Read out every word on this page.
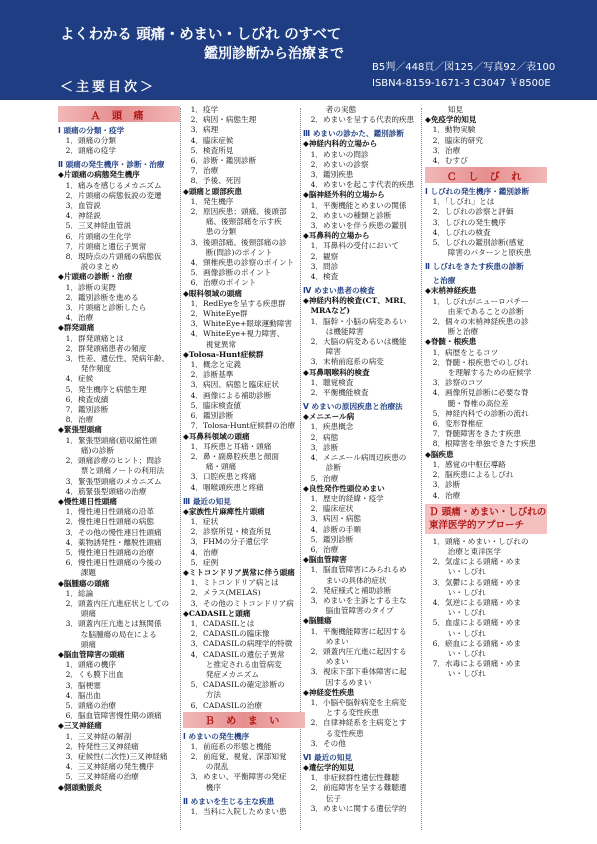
よくわかる 頭痛・めまい・しびれ のすべて
鑑別診断から治療まで
B5判／448頁／図125／写真92／表100
ISBN4-8159-1671-3 C3047 ￥8500E
＜主要目次＞
Ａ 頭 痛
Ⅰ 頭痛の分類・疫学
　1．頭痛の分類
　2．頭痛の疫学
Ⅱ 頭痛の発生機序・診断・治療
◆片頭痛の病態発生機序
　1．痛みを感じるメカニズム
　2．片頭痛の病態仮説の変遷
　3．血管説
　4．神経説
　5．三叉神経血管説
　6．片頭痛の生化学
　7．片頭痛と遺伝子異常
　8．現時点の片頭痛の病態仮
　　　説のまとめ
◆片頭痛の診断・治療
　1．診断の実際
　2．鑑別診断を進める
　3．片頭痛と診断したら
　4．治療
◆群発頭痛
　1．群発頭痛とは
　2．群発頭痛患者の頻度
　3．性差、遺伝性、発病年齢、
　　　発作頻度
　4．症候
　5．発生機序と病態生理
　6．検査成績
　7．鑑別診断
　8．治療
◆緊張型頭痛
　1．緊張型頭痛(筋収縮性頭
　　　痛)の診断
　2．頭痛診療のヒント；問診
　　　票と頭痛ノートの利用法
　3．緊張型頭痛のメカニズム
　4．筋緊張型頭痛の治療
◆慢性連日性頭痛
　1．慢性連日性頭痛の沿革
　2．慢性連日性頭痛の病態
　3．その他の慢性連日性頭痛
　4．薬物誘発性・離脱性頭痛
　5．慢性連日性頭痛の治療
　6．慢性連日性頭痛の今後の
　　　課題
◆脳腫瘍の頭痛
　1．総論
　2．頭蓋内圧亢進症状としての
　　　頭痛
　3．頭蓋内圧亢進とは無関係
　　　な脳腫瘍の局在による
　　　頭痛
◆脳血管障害の頭痛
　1．頭痛の機序
　2．くも膜下出血
　3．脳梗塞
　4．脳出血
　5．頭痛の治療
　6．脳血管障害慢性期の頭痛
◆三叉神経痛
　1．三叉神経の解剖
　2．特発性三叉神経痛
　3．症候性(二次性)三叉神経痛
　4．三叉神経痛の発生機序
　5．三叉神経痛の治療
◆側頭動脈炎
　1．疫学
　2．病因・病態生理
　3．病理
　4．臨床症候
　5．検査所見
　6．診断・鑑別診断
　7．治療
　8．予後、死因
◆頭痛と頭部疾患
　1．発生機序
　2．原因疾患；頭痛、後頭部
　　　痛、後頸部痛を示す疾
　　　患の分類
　3．後頭部痛、後頸部痛の診
　　　断(問診)のポイント
　4．頸椎疾患の診察のポイント
　5．画像診断のポイント
　6．治療のポイント
◆眼科領域の頭痛
　1．RedEyeを呈する疾患群
　2．WhiteEye群
　3．WhiteEye+眼球運動障害
　4．WhiteEye+視力障害、
　　　視覚異常
◆Tolosa-Hunt症候群
　1．概念と定義
　2．診断基準
　3．病因、病態と臨床症状
　4．画像による補助診断
　5．臨床検査値
　6．鑑別診断
　7．Tolosa-Hunt症候群の治療
◆耳鼻科領域の頭痛
　1．耳疾患と耳痛・頭痛
　2．鼻・副鼻腔疾患と顔面
　　　痛・頭痛
　3．口腔疾患と疼痛
　4．咽喉頭疾患と疼痛
Ⅲ 最近の知見
◆家族性片麻痺性片頭痛
　1．症状
　2．診察所見・検査所見
　3．FHMの分子遺伝学
　4．治療
　5．症例
◆ミトコンドリア異常に伴う頭痛
　1．ミトコンドリア病とは
　2．メラス(MELAS)
　3．その他のミトコンドリア病
◆CADASILと頭痛
　1．CADASILとは
　2．CADASILの臨床像
　3．CADASILの病理学的特徴
　4．CADASILの遺伝子異常
　　　と推定される血管病変
　　　発症メカニズム
　5．CADASILの確定診断の
　　　方法
　6．CADASILの治療
Ｂ め ま い
Ⅰ めまいの発生機序
　1．前庭系の形態と機能
　2．前庭覚、視覚、深部知覚
　　　の混乱
　3．めまい、平衡障害の発症
　　　機序
Ⅱ めまいを生じる主な疾患
　1．当科に入院しためまい患
　　　者の実態
　2．めまいを呈する代表的疾患
Ⅲ めまいの診かた、鑑別診断
◆神経内科的立場から
　1．めまいの問診
　2．めまいの診察
　3．鑑別疾患
　4．めまいを起こす代表的疾患
◆脳神経外科的立場から
　1．平衡機能とめまいの関係
　2．めまいの種類と診断
　3．めまいを伴う疾患の鑑別
◆耳鼻科的立場から
　1．耳鼻科の受付において
　2．観察
　3．問診
　4．検査
Ⅳ めまい患者の検査
◆神経内科的検査(CT、MRI、
　MRAなど)
　1．脳幹・小脳の病変あるい
　　　は機能障害
　2．大脳の病変あるいは機能
　　　障害
　3．末梢前庭系の病変
◆耳鼻咽喉科的検査
　1．聴覚検査
　2．平衡機能検査
Ⅴ めまいの原因疾患と治療法
◆メニエール病
　1．疾患概念
　2．病態
　3．診断
　4．メニエール病周辺疾患の
　　　診断
　5．治療
◆良性発作性頭位めまい
　1．歴史的経緯・疫学
　2．臨床症状
　3．病因・病態
　4．診断の手順
　5．鑑別診断
　6．治療
◆脳血管障害
　1．脳血管障害にみられるめ
　　　まいの具体的症状
　2．発症様式と補助診断
　3．めまいを主訴とする主な
　　　脳血管障害のタイプ
◆脳腫瘍
　1．平衡機能障害に起因する
　　　めまい
　2．頭蓋内圧亢進に起因する
　　　めまい
　3．視床下部下垂体障害に起
　　　因するめまい
◆神経変性疾患
　1．小脳や脳幹病変を主病変
　　　とする変性疾患
　2．自律神経系を主病変とす
　　　る変性疾患
　3．その他
Ⅵ 最近の知見
◆遺伝学的知見
　1．非症候群性遺伝性難聴
　2．前庭障害を呈する難聴遺
　　　伝子
　3．めまいに関する遺伝学的
　　　知見
◆免疫学的知見
　1．動物実験
　2．臨床的研究
　3．治療
　4．むすび
Ｃ し び れ
Ⅰ しびれの発生機序・鑑別診断
　1．「しびれ」とは
　2．しびれの診察と評価
　3．しびれの発生機序
　4．しびれの検査
　5．しびれの鑑別診断(感覚
　　　障害のパターンと原疾患
Ⅱ しびれをきたす疾患の診断
　と治療
◆末梢神経疾患
　1．しびれがニューロパチー
　　　由来であることの診断
　2．個々の末梢神経疾患の診
　　　断と治療
◆脊髄・根疾患
　1．病歴をとるコツ
　2．脊髄・根疾患でのしびれ
　　　を理解するための症候学
　3．診察のコツ
　4．画像所見診断に必要な脊
　　　髄・脊椎の高位差
　5．神経内科での診断の流れ
　6．変形脊椎症
　7．脊髄障害をきたす疾患
　8．根障害を単独できたす疾患
◆脳疾患
　1．感覚の中枢伝導路
　2．脳疾患によるしびれ
　3．診断
　4．治療
Ｄ 頭痛・めまい・しびれの
東洋医学的アプローチ
　1．頭痛・めまい・しびれの
　　　治療と東洋医学
　2．気虚による頭痛・めま
　　　い・しびれ
　3．気鬱による頭痛・めま
　　　い・しびれ
　4．気逆による頭痛・めま
　　　い・しびれ
　5．血虚による頭痛・めま
　　　い・しびれ
　6．瘀血による頭痛・めま
　　　い・しびれ
　7．水毒による頭痛・めま
　　　い・しびれ
